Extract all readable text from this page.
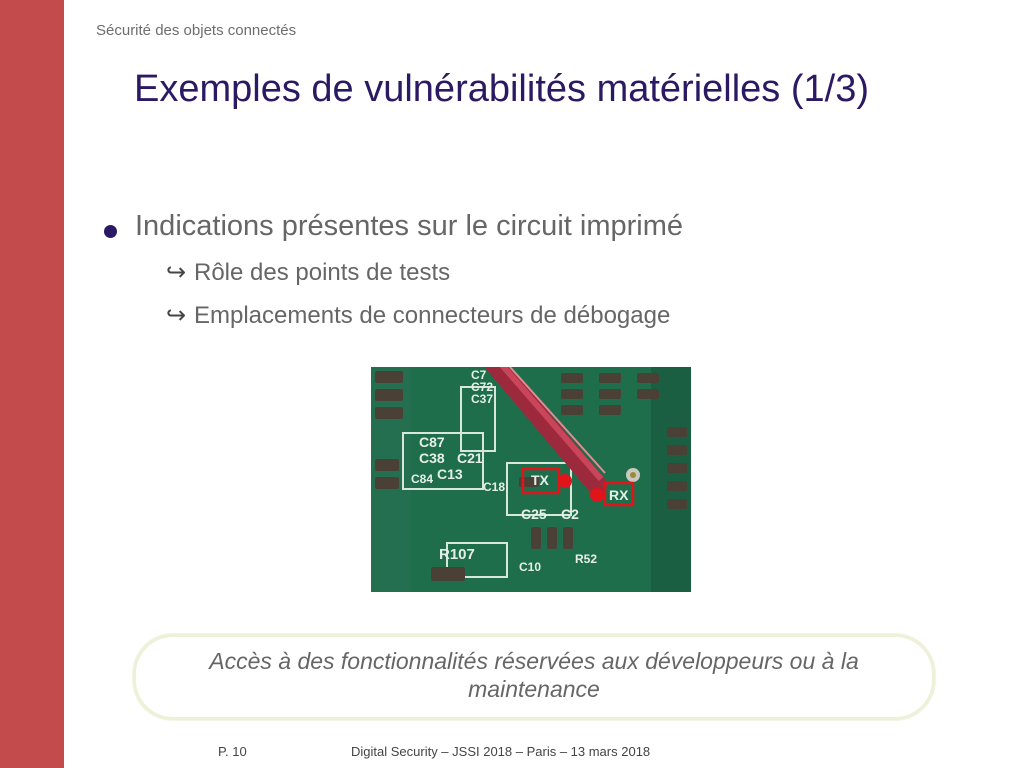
Sécurité des objets connectés
Exemples de vulnérabilités matérielles (1/3)
Indications présentes sur le circuit imprimé
↪ Rôle des points de tests
↪ Emplacements de connecteurs de débogage
C7
C72
C37
C87
C38 C21
C13
C18
C84	TX
RX
C25 C2
R107	R52
C10
Accès à des fonctionnalités réservées aux développeurs ou à la
maintenance
P. 10	Digital Security – JSSI 2018 – Paris – 13 mars 2018
